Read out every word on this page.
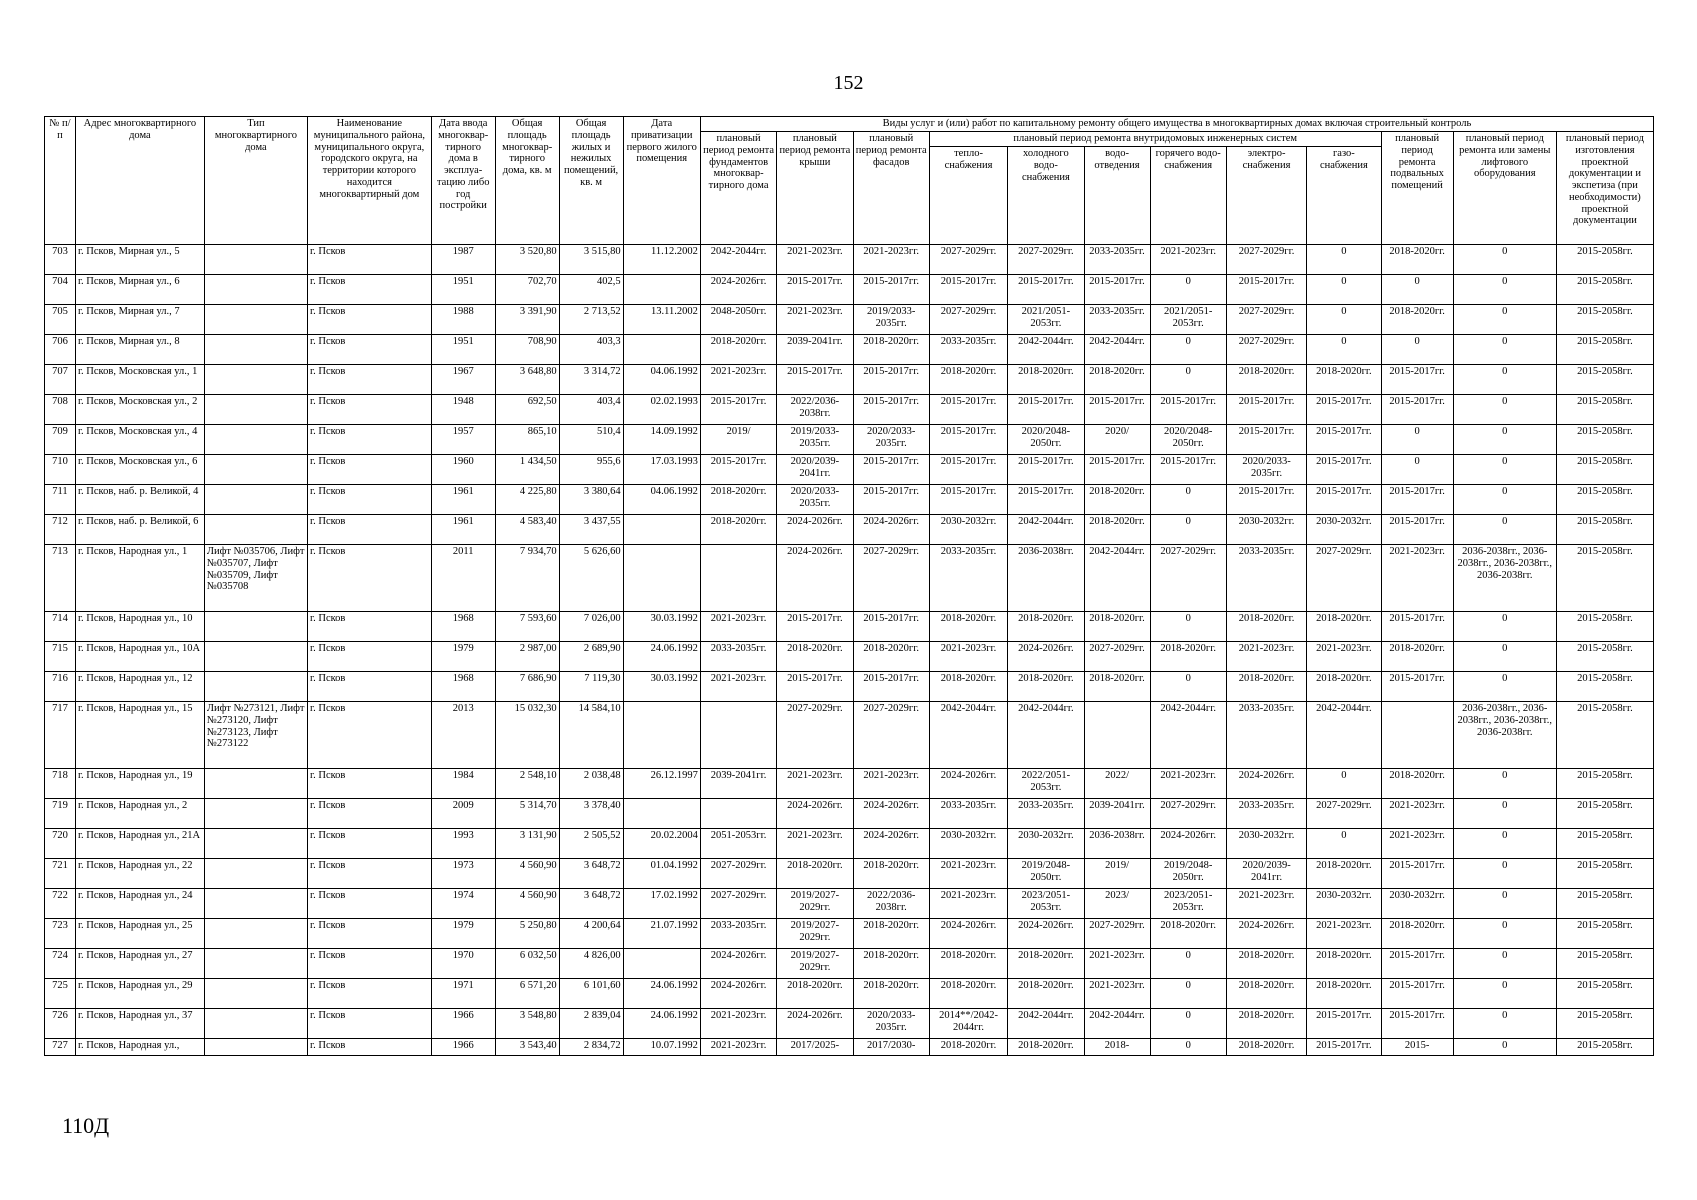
152
№ п/п	Адрес многоквартирного дома	Тип многоквартирного дома	Наименование муниципального района, муниципального округа, городского округа, на территории которого находится многоквартирный дом	Дата ввода многоквар-тирного дома в эксплуа-тацию либо год постройки	Общая площадь многоквар-тирного дома, кв. м	Общая площадь жилых и нежилых помещений, кв. м	Дата приватизации первого жилого помещения	Виды услуг и (или) работ по капитальному ремонту общего имущества в многоквартирных домах включая строительный контроль											
								плановый период ремонта фундаментов многоквар-тирного дома	плановый период ремонта крыши	плановый период ремонта фасадов	плановый период ремонта внутридомовых инженерных систем						плановый период ремонта подвальных помещений	плановый период ремонта или замены лифтового оборудования	плановый период изготовления проектной документации и экспетиза (при необходимости) проектной документации
											тепло-снабжения	холодного водо-снабжения	водо-отведения	горячего водо-снабжения	электро-снабжения	газо-снабжения			
703	г. Псков, Мирная ул., 5		г. Псков	1987	3 520,80	3 515,80	11.12.2002	2042-2044гг.	2021-2023гг.	2021-2023гг.	2027-2029гг.	2027-2029гг.	2033-2035гг.	2021-2023гг.	2027-2029гг.	0	2018-2020гг.	0	2015-2058гг.
704	г. Псков, Мирная ул., 6		г. Псков	1951	702,70	402,5		2024-2026гг.	2015-2017гг.	2015-2017гг.	2015-2017гг.	2015-2017гг.	2015-2017гг.	0	2015-2017гг.	0	0	0	2015-2058гг.
705	г. Псков, Мирная ул., 7		г. Псков	1988	3 391,90	2 713,52	13.11.2002	2048-2050гг.	2021-2023гг.	2019/2033-2035гг.	2027-2029гг.	2021/2051-2053гг.	2033-2035гг.	2021/2051-2053гг.	2027-2029гг.	0	2018-2020гг.	0	2015-2058гг.
706	г. Псков, Мирная ул., 8		г. Псков	1951	708,90	403,3		2018-2020гг.	2039-2041гг.	2018-2020гг.	2033-2035гг.	2042-2044гг.	2042-2044гг.	0	2027-2029гг.	0	0	0	2015-2058гг.
707	г. Псков, Московская ул., 1		г. Псков	1967	3 648,80	3 314,72	04.06.1992	2021-2023гг.	2015-2017гг.	2015-2017гг.	2018-2020гг.	2018-2020гг.	2018-2020гг.	0	2018-2020гг.	2018-2020гг.	2015-2017гг.	0	2015-2058гг.
708	г. Псков, Московская ул., 2		г. Псков	1948	692,50	403,4	02.02.1993	2015-2017гг.	2022/2036-2038гг.	2015-2017гг.	2015-2017гг.	2015-2017гг.	2015-2017гг.	2015-2017гг.	2015-2017гг.	2015-2017гг.	2015-2017гг.	0	2015-2058гг.
709	г. Псков, Московская ул., 4		г. Псков	1957	865,10	510,4	14.09.1992	2019/	2019/2033-2035гг.	2020/2033-2035гг.	2015-2017гг.	2020/2048-2050гг.	2020/	2020/2048-2050гг.	2015-2017гг.	2015-2017гг.	0	0	2015-2058гг.
710	г. Псков, Московская ул., 6		г. Псков	1960	1 434,50	955,6	17.03.1993	2015-2017гг.	2020/2039-2041гг.	2015-2017гг.	2015-2017гг.	2015-2017гг.	2015-2017гг.	2015-2017гг.	2020/2033-2035гг.	2015-2017гг.	0	0	2015-2058гг.
711	г. Псков, наб. р. Великой, 4		г. Псков	1961	4 225,80	3 380,64	04.06.1992	2018-2020гг.	2020/2033-2035гг.	2015-2017гг.	2015-2017гг.	2015-2017гг.	2018-2020гг.	0	2015-2017гг.	2015-2017гг.	2015-2017гг.	0	2015-2058гг.
712	г. Псков, наб. р. Великой, 6		г. Псков	1961	4 583,40	3 437,55		2018-2020гг.	2024-2026гг.	2024-2026гг.	2030-2032гг.	2042-2044гг.	2018-2020гг.	0	2030-2032гг.	2030-2032гг.	2015-2017гг.	0	2015-2058гг.
713	г. Псков, Народная ул., 1	Лифт №035706, Лифт №035707, Лифт №035709, Лифт №035708	г. Псков	2011	7 934,70	5 626,60			2024-2026гг.	2027-2029гг.	2033-2035гг.	2036-2038гг.	2042-2044гг.	2027-2029гг.	2033-2035гг.	2027-2029гг.	2021-2023гг.	2036-2038гг., 2036-2038гг., 2036-2038гг., 2036-2038гг.	2015-2058гг.
714	г. Псков, Народная ул., 10		г. Псков	1968	7 593,60	7 026,00	30.03.1992	2021-2023гг.	2015-2017гг.	2015-2017гг.	2018-2020гг.	2018-2020гг.	2018-2020гг.	0	2018-2020гг.	2018-2020гг.	2015-2017гг.	0	2015-2058гг.
715	г. Псков, Народная ул., 10А		г. Псков	1979	2 987,00	2 689,90	24.06.1992	2033-2035гг.	2018-2020гг.	2018-2020гг.	2021-2023гг.	2024-2026гг.	2027-2029гг.	2018-2020гг.	2021-2023гг.	2021-2023гг.	2018-2020гг.	0	2015-2058гг.
716	г. Псков, Народная ул., 12		г. Псков	1968	7 686,90	7 119,30	30.03.1992	2021-2023гг.	2015-2017гг.	2015-2017гг.	2018-2020гг.	2018-2020гг.	2018-2020гг.	0	2018-2020гг.	2018-2020гг.	2015-2017гг.	0	2015-2058гг.
717	г. Псков, Народная ул., 15	Лифт №273121, Лифт №273120, Лифт №273123, Лифт №273122	г. Псков	2013	15 032,30	14 584,10			2027-2029гг.	2027-2029гг.	2042-2044гг.	2042-2044гг.		2042-2044гг.	2033-2035гг.	2042-2044гг.		2036-2038гг., 2036-2038гг., 2036-2038гг., 2036-2038гг.	2015-2058гг.
718	г. Псков, Народная ул., 19		г. Псков	1984	2 548,10	2 038,48	26.12.1997	2039-2041гг.	2021-2023гг.	2021-2023гг.	2024-2026гг.	2022/2051-2053гг.	2022/	2021-2023гг.	2024-2026гг.	0	2018-2020гг.	0	2015-2058гг.
719	г. Псков, Народная ул., 2		г. Псков	2009	5 314,70	3 378,40			2024-2026гг.	2024-2026гг.	2033-2035гг.	2033-2035гг.	2039-2041гг.	2027-2029гг.	2033-2035гг.	2027-2029гг.	2021-2023гг.	0	2015-2058гг.
720	г. Псков, Народная ул., 21А		г. Псков	1993	3 131,90	2 505,52	20.02.2004	2051-2053гг.	2021-2023гг.	2024-2026гг.	2030-2032гг.	2030-2032гг.	2036-2038гг.	2024-2026гг.	2030-2032гг.	0	2021-2023гг.	0	2015-2058гг.
721	г. Псков, Народная ул., 22		г. Псков	1973	4 560,90	3 648,72	01.04.1992	2027-2029гг.	2018-2020гг.	2018-2020гг.	2021-2023гг.	2019/2048-2050гг.	2019/	2019/2048-2050гг.	2020/2039-2041гг.	2018-2020гг.	2015-2017гг.	0	2015-2058гг.
722	г. Псков, Народная ул., 24		г. Псков	1974	4 560,90	3 648,72	17.02.1992	2027-2029гг.	2019/2027-2029гг.	2022/2036-2038гг.	2021-2023гг.	2023/2051-2053гг.	2023/	2023/2051-2053гг.	2021-2023гг.	2030-2032гг.	2030-2032гг.	0	2015-2058гг.
723	г. Псков, Народная ул., 25		г. Псков	1979	5 250,80	4 200,64	21.07.1992	2033-2035гг.	2019/2027-2029гг.	2018-2020гг.	2024-2026гг.	2024-2026гг.	2027-2029гг.	2018-2020гг.	2024-2026гг.	2021-2023гг.	2018-2020гг.	0	2015-2058гг.
724	г. Псков, Народная ул., 27		г. Псков	1970	6 032,50	4 826,00		2024-2026гг.	2019/2027-2029гг.	2018-2020гг.	2018-2020гг.	2018-2020гг.	2021-2023гг.	0	2018-2020гг.	2018-2020гг.	2015-2017гг.	0	2015-2058гг.
725	г. Псков, Народная ул., 29		г. Псков	1971	6 571,20	6 101,60	24.06.1992	2024-2026гг.	2018-2020гг.	2018-2020гг.	2018-2020гг.	2018-2020гг.	2021-2023гг.	0	2018-2020гг.	2018-2020гг.	2015-2017гг.	0	2015-2058гг.
726	г. Псков, Народная ул., 37		г. Псков	1966	3 548,80	2 839,04	24.06.1992	2021-2023гг.	2024-2026гг.	2020/2033-2035гг.	2014**/2042-2044гг.	2042-2044гг.	2042-2044гг.	0	2018-2020гг.	2015-2017гг.	2015-2017гг.	0	2015-2058гг.
727	г. Псков, Народная ул.,		г. Псков	1966	3 543,40	2 834,72	10.07.1992	2021-2023гг.	2017/2025-	2017/2030-	2018-2020гг.	2018-2020гг.	2018-	0	2018-2020гг.	2015-2017гг.	2015-	0	2015-2058гг.
110Д
